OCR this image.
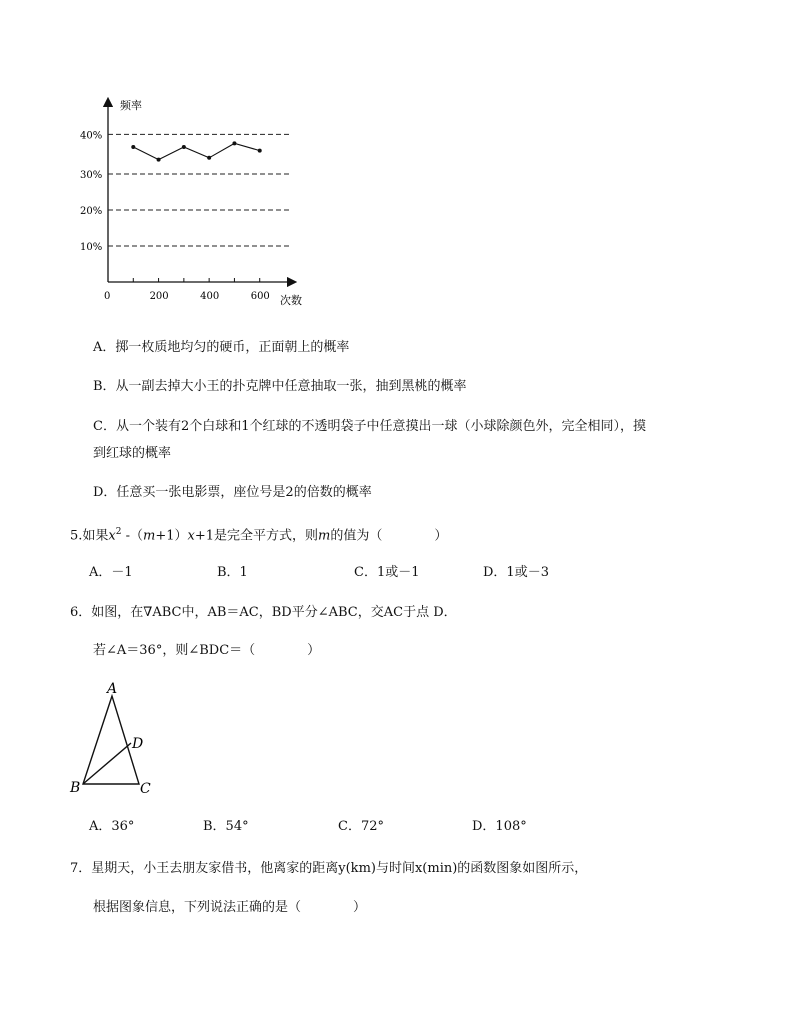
10%
20%
30%
40%
200	400	600
0
频率
次数
A．掷一枚质地均匀的硬币，正面朝上的概率
B．从一副去掉大小王的扑克牌中任意抽取一张，抽到黑桃的概率
C．从一个装有2个白球和1个红球的不透明袋子中任意摸出一球（小球除颜色外，完全相同），摸
到红球的概率
D．任意买一张电影票，座位号是2的倍数的概率
5.如果$x^2$ -（m+1）x+1是完全平方式，则m的值为（　　　　）
A．－1	B．1	C．1或－1	D．1或－3
6．如图，在∇ABC中，AB＝AC，BD平分∠ABC，交AC于点 D．
若∠A＝36°，则∠BDC＝（　　　　）
A
B	C
D
A．36°	B．54°	C．72°	D．108°
7．星期天，小王去朋友家借书，他离家的距离y(km)与时间x(min)的函数图象如图所示，
根据图象信息，下列说法正确的是（　　　　）
